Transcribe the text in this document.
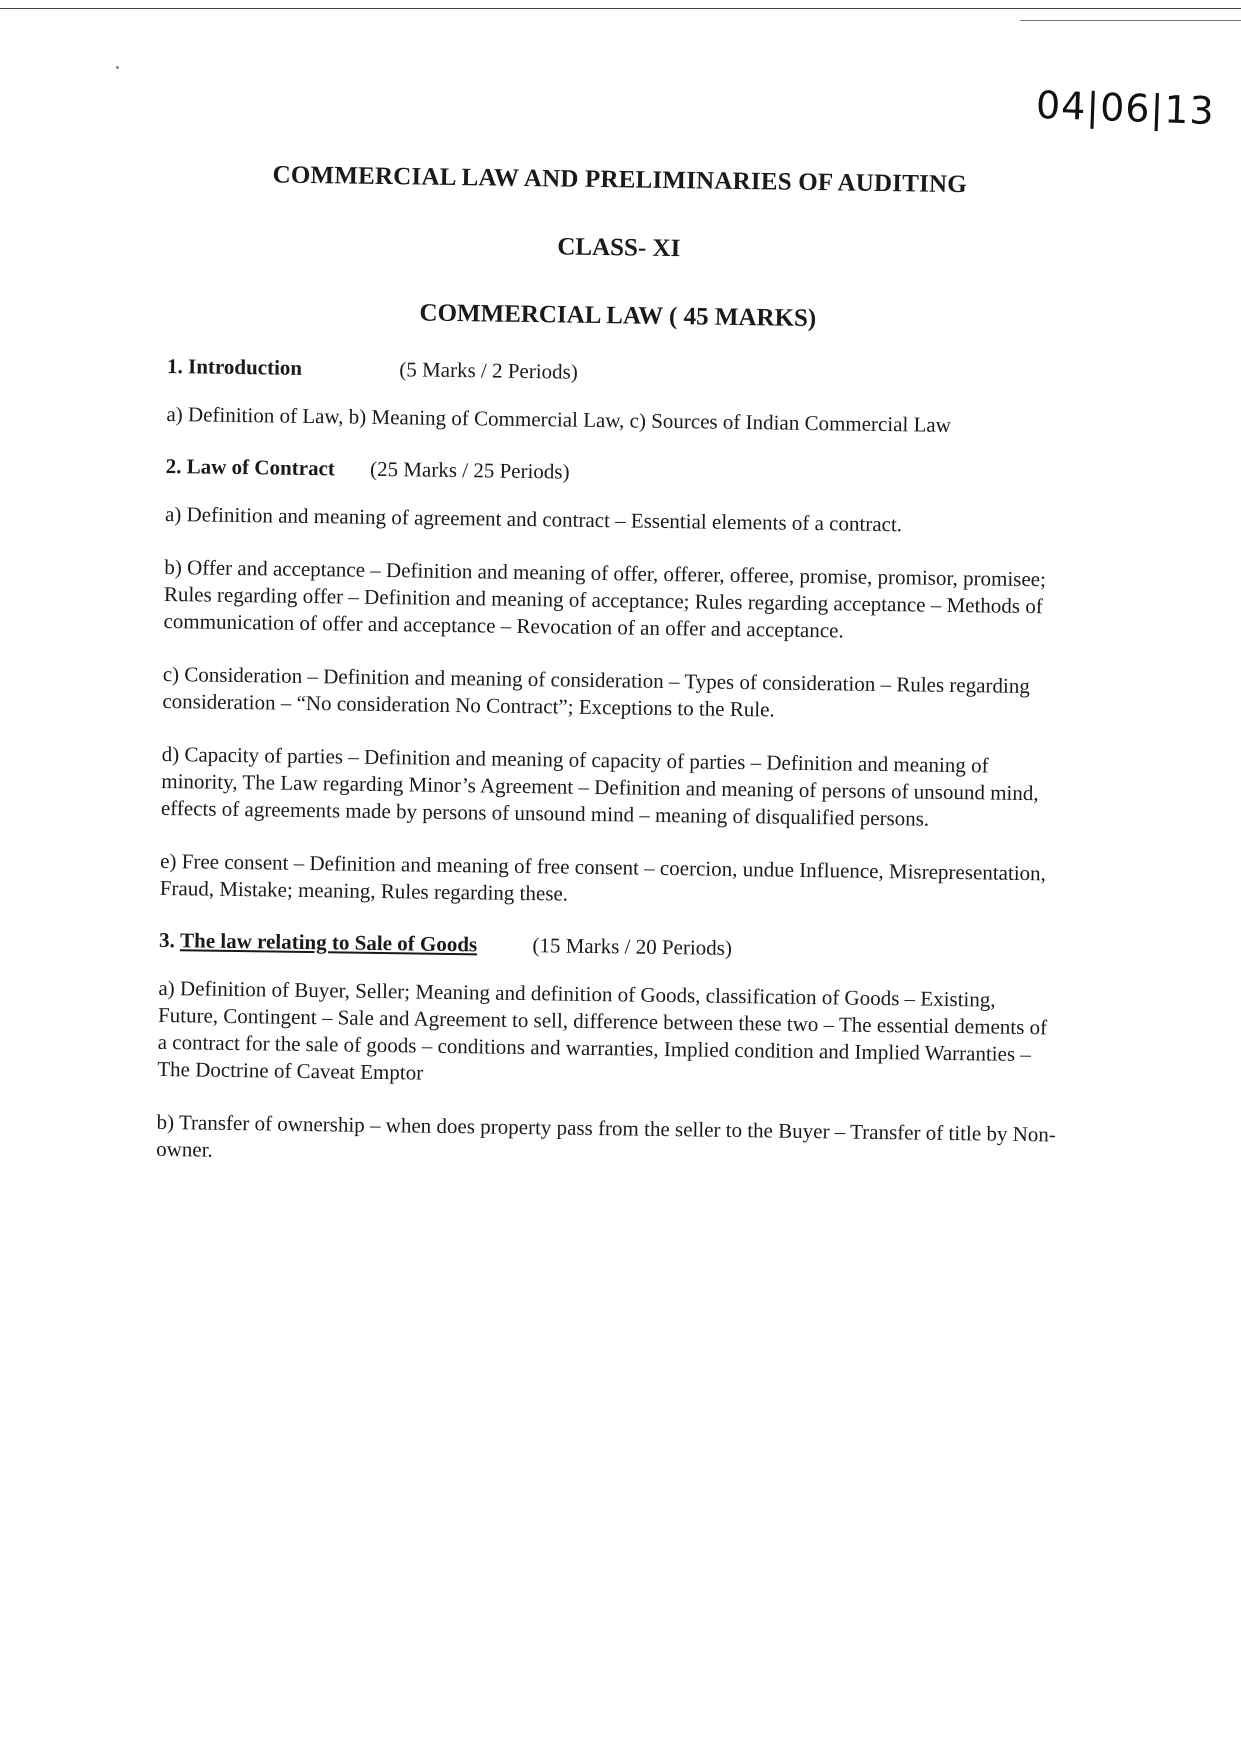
04|06|13
COMMERCIAL LAW AND PRELIMINARIES OF AUDITING
CLASS- XI
COMMERCIAL LAW ( 45 MARKS)
1. Introduction	(5 Marks / 2 Periods)
a) Definition of Law, b) Meaning of Commercial Law, c) Sources of Indian Commercial Law
2. Law of Contract (25 Marks / 25 Periods)
a) Definition and meaning of agreement and contract – Essential elements of a contract.
b) Offer and acceptance – Definition and meaning of offer, offerer, offeree, promise, promisor, promisee; Rules regarding offer – Definition and meaning of acceptance; Rules regarding acceptance – Methods of communication of offer and acceptance – Revocation of an offer and acceptance.
c) Consideration – Definition and meaning of consideration – Types of consideration – Rules regarding consideration – “No consideration No Contract”; Exceptions to the Rule.
d) Capacity of parties – Definition and meaning of capacity of parties – Definition and meaning of minority, The Law regarding Minor’s Agreement – Definition and meaning of persons of unsound mind, effects of agreements made by persons of unsound mind – meaning of disqualified persons.
e) Free consent – Definition and meaning of free consent – coercion, undue Influence, Misrepresentation, Fraud, Mistake; meaning, Rules regarding these.
3. The law relating to Sale of Goods	(15 Marks / 20 Periods)
a) Definition of Buyer, Seller; Meaning and definition of Goods, classification of Goods – Existing, Future, Contingent – Sale and Agreement to sell, difference between these two – The essential dements of a contract for the sale of goods – conditions and warranties, Implied condition and Implied Warranties – The Doctrine of Caveat Emptor
b) Transfer of ownership – when does property pass from the seller to the Buyer – Transfer of title by Non-owner.
